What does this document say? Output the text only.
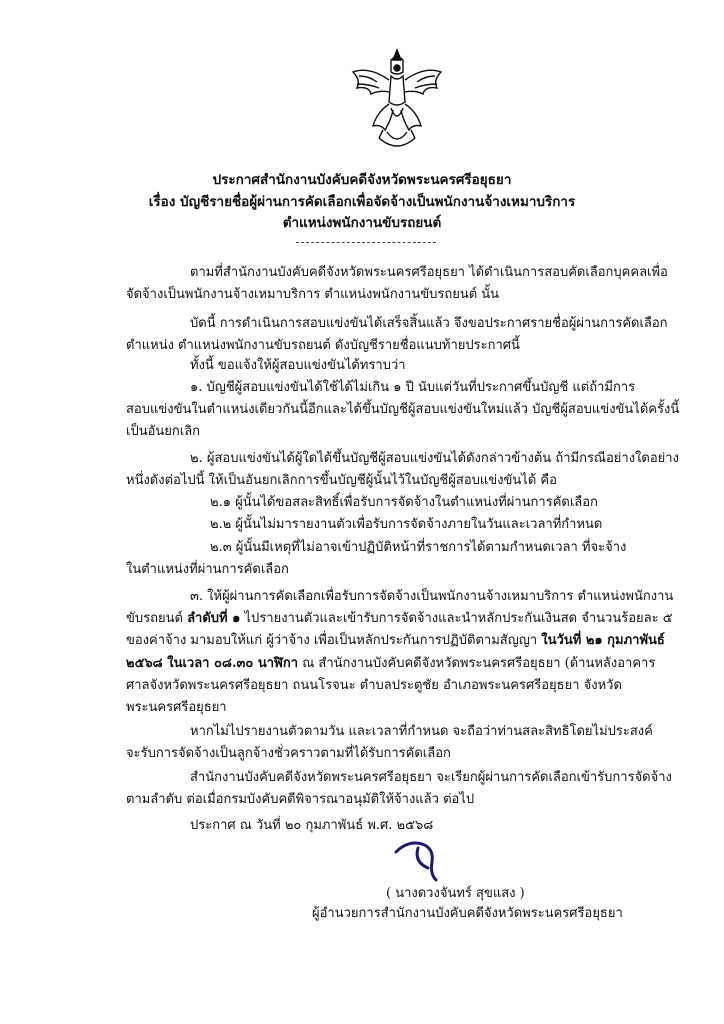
ประกาศสำนักงานบังคับคดีจังหวัดพระนครศรีอยุธยา
เรื่อง บัญชีรายชื่อผู้ผ่านการคัดเลือกเพื่อจัดจ้างเป็นพนักงานจ้างเหมาบริการ
ตำแหน่งพนักงานขับรถยนต์
ตามที่สำนักงานบังคับคดีจังหวัดพระนครศรีอยุธยา ได้ดำเนินการสอบคัดเลือกบุคคลเพื่อ
จัดจ้างเป็นพนักงานจ้างเหมาบริการ ตำแหน่งพนักงานขับรถยนต์ นั้น
บัดนี้ การดำเนินการสอบแข่งขันได้เสร็จสิ้นแล้ว จึงขอประกาศรายชื่อผู้ผ่านการคัดเลือก
ตำแหน่ง ตำแหน่งพนักงานขับรถยนต์ ดังบัญชีรายชื่อแนบท้ายประกาศนี้
ทั้งนี้ ขอแจ้งให้ผู้สอบแข่งขันได้ทราบว่า
๑. บัญชีผู้สอบแข่งขันได้ใช้ได้ไม่เกิน ๑ ปี นับแต่วันที่ประกาศขึ้นบัญชี แต่ถ้ามีการ
สอบแข่งขันในตำแหน่งเดียวกันนี้อีกและได้ขึ้นบัญชีผู้สอบแข่งขันใหม่แล้ว บัญชีผู้สอบแข่งขันได้ครั้งนี้
เป็นอันยกเลิก
๒. ผู้สอบแข่งขันได้ผู้ใดได้ขึ้นบัญชีผู้สอบแข่งขันได้ดังกล่าวข้างต้น ถ้ามีกรณีอย่างใดอย่าง
หนึ่งดังต่อไปนี้ ให้เป็นอันยกเลิกการขึ้นบัญชีผู้นั้นไว้ในบัญชีผู้สอบแข่งขันได้ คือ
๒.๑ ผู้นั้นได้ขอสละสิทธิ์เพื่อรับการจัดจ้างในตำแหน่งที่ผ่านการคัดเลือก
๒.๒ ผู้นั้นไม่มารายงานตัวเพื่อรับการจัดจ้างภายในวันและเวลาที่กำหนด
๒.๓ ผู้นั้นมีเหตุที่ไม่อาจเข้าปฏิบัติหน้าที่ราชการได้ตามกำหนดเวลา ที่จะจ้าง
ในตำแหน่งที่ผ่านการคัดเลือก
๓. ให้ผู้ผ่านการคัดเลือกเพื่อรับการจัดจ้างเป็นพนักงานจ้างเหมาบริการ ตำแหน่งพนักงาน
ขับรถยนต์ ลำดับที่ ๑ ไปรายงานตัวและเข้ารับการจัดจ้างและนำหลักประกันเงินสด จำนวนร้อยละ ๕
ของค่าจ้าง มามอบให้แก่ ผู้ว่าจ้าง เพื่อเป็นหลักประกันการปฏิบัติตามสัญญา ในวันที่ ๒๑ กุมภาพันธ์
๒๕๖๘ ในเวลา ๐๘.๓๐ นาฬิกา ณ สำนักงานบังคับคดีจังหวัดพระนครศรีอยุธยา (ด้านหลังอาคาร
ศาลจังหวัดพระนครศรีอยุธยา ถนนโรจนะ ตำบลประตูชัย อำเภอพระนครศรีอยุธยา จังหวัด
พระนครศรีอยุธยา
หากไม่ไปรายงานตัวตามวัน และเวลาที่กำหนด จะถือว่าท่านสละสิทธิโดยไม่ประสงค์
จะรับการจัดจ้างเป็นลูกจ้างชั่วคราวตามที่ได้รับการคัดเลือก
สำนักงานบังคับคดีจังหวัดพระนครศรีอยุธยา จะเรียกผู้ผ่านการคัดเลือกเข้ารับการจัดจ้าง
ตามลำดับ ต่อเมื่อกรมบังคับคดีพิจารณาอนุมัติให้จ้างแล้ว ต่อไป
ประกาศ ณ วันที่ ๒๐ กุมภาพันธ์ พ.ศ. ๒๕๖๘
( นางดวงจันทร์ สุขแสง )
ผู้อำนวยการสำนักงานบังคับคดีจังหวัดพระนครศรีอยุธยา
